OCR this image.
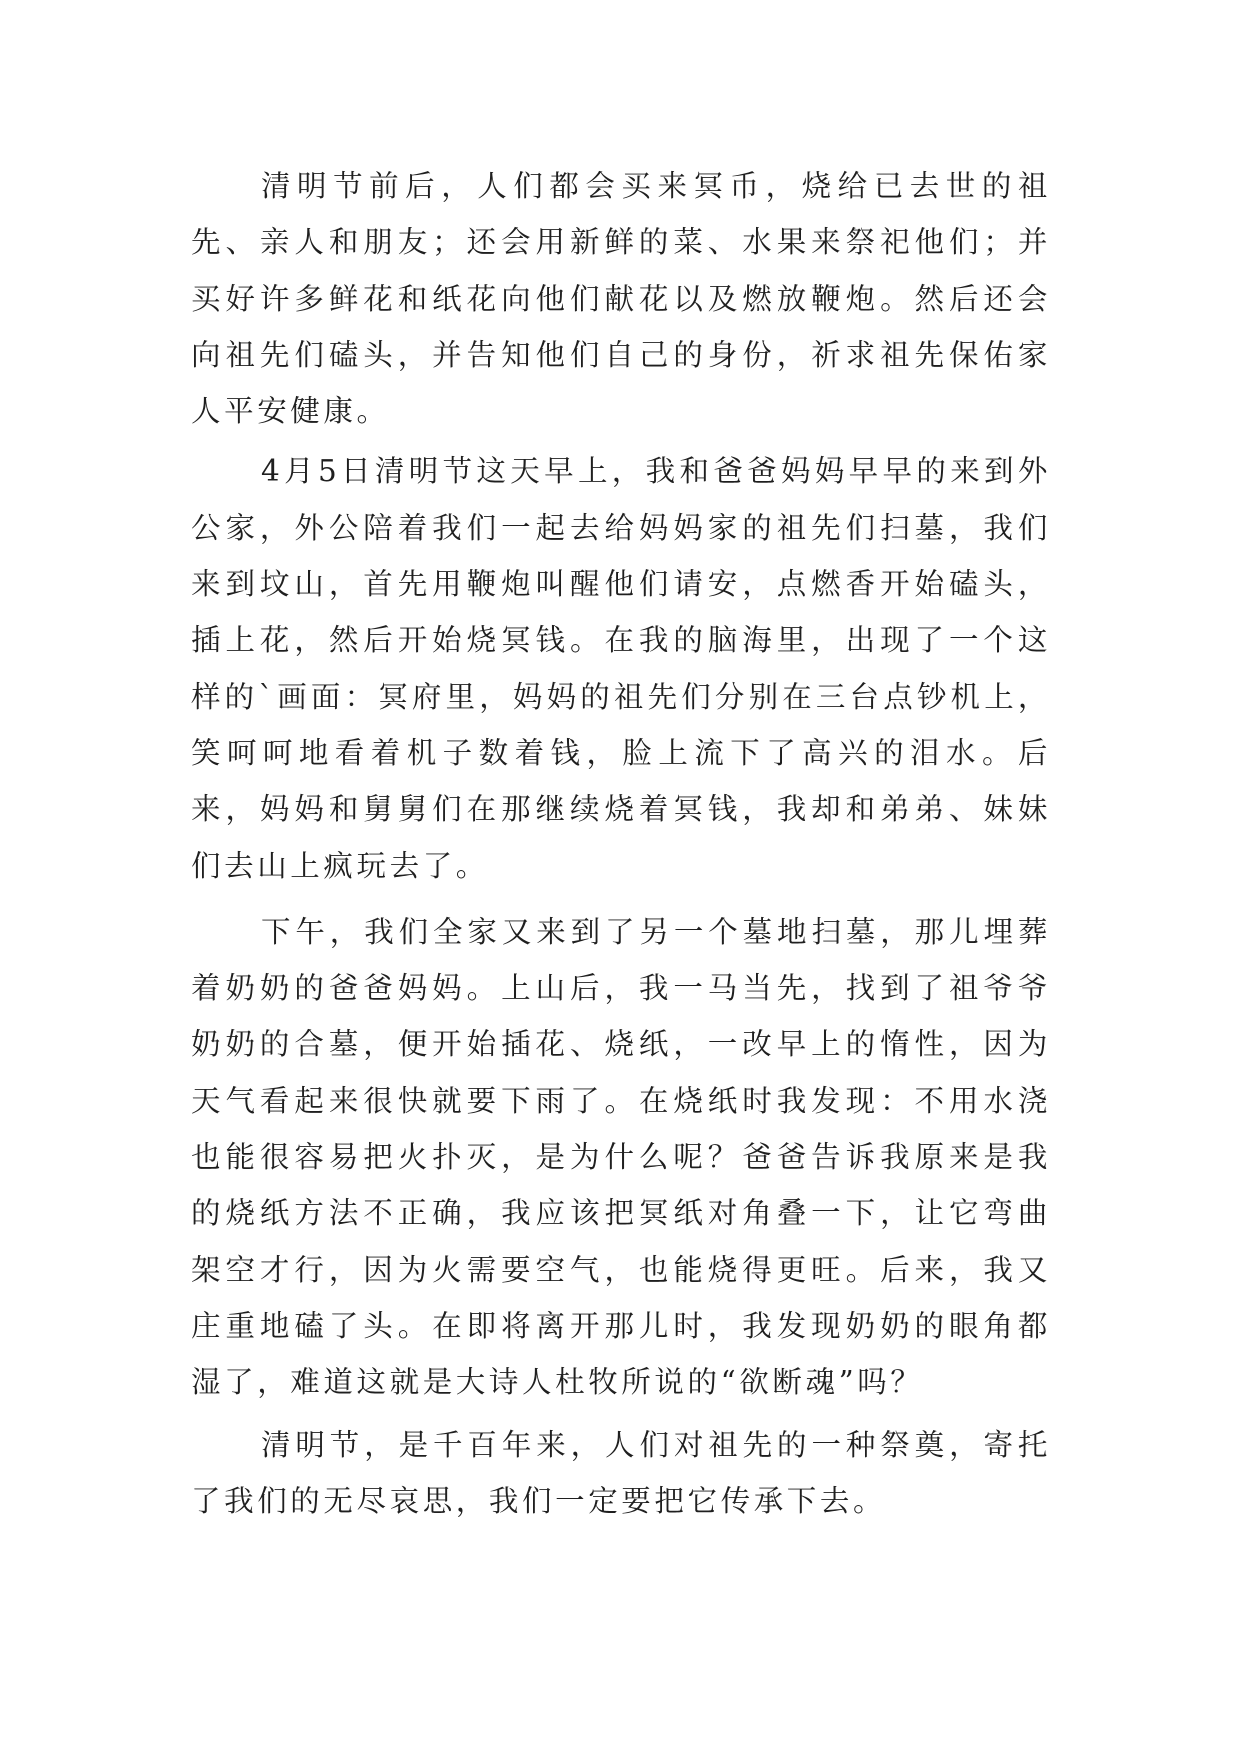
清明节前后，人们都会买来冥币，烧给已去世的祖先、亲人和朋友；还会用新鲜的菜、水果来祭祀他们；并买好许多鲜花和纸花向他们献花以及燃放鞭炮。然后还会向祖先们磕头，并告知他们自己的身份，祈求祖先保佑家人平安健康。

4月5日清明节这天早上，我和爸爸妈妈早早的来到外公家，外公陪着我们一起去给妈妈家的祖先们扫墓，我们来到坟山，首先用鞭炮叫醒他们请安，点燃香开始磕头，插上花，然后开始烧冥钱。在我的脑海里，出现了一个这样的`画面：冥府里，妈妈的祖先们分别在三台点钞机上，笑呵呵地看着机子数着钱，脸上流下了高兴的泪水。后来，妈妈和舅舅们在那继续烧着冥钱，我却和弟弟、妹妹们去山上疯玩去了。

下午，我们全家又来到了另一个墓地扫墓，那儿埋葬着奶奶的爸爸妈妈。上山后，我一马当先，找到了祖爷爷奶奶的合墓，便开始插花、烧纸，一改早上的惰性，因为天气看起来很快就要下雨了。在烧纸时我发现：不用水浇也能很容易把火扑灭，是为什么呢？爸爸告诉我原来是我的烧纸方法不正确，我应该把冥纸对角叠一下，让它弯曲架空才行，因为火需要空气，也能烧得更旺。后来，我又庄重地磕了头。在即将离开那儿时，我发现奶奶的眼角都湿了，难道这就是大诗人杜牧所说的“欲断魂”吗？

清明节，是千百年来，人们对祖先的一种祭奠，寄托了我们的无尽哀思，我们一定要把它传承下去。
